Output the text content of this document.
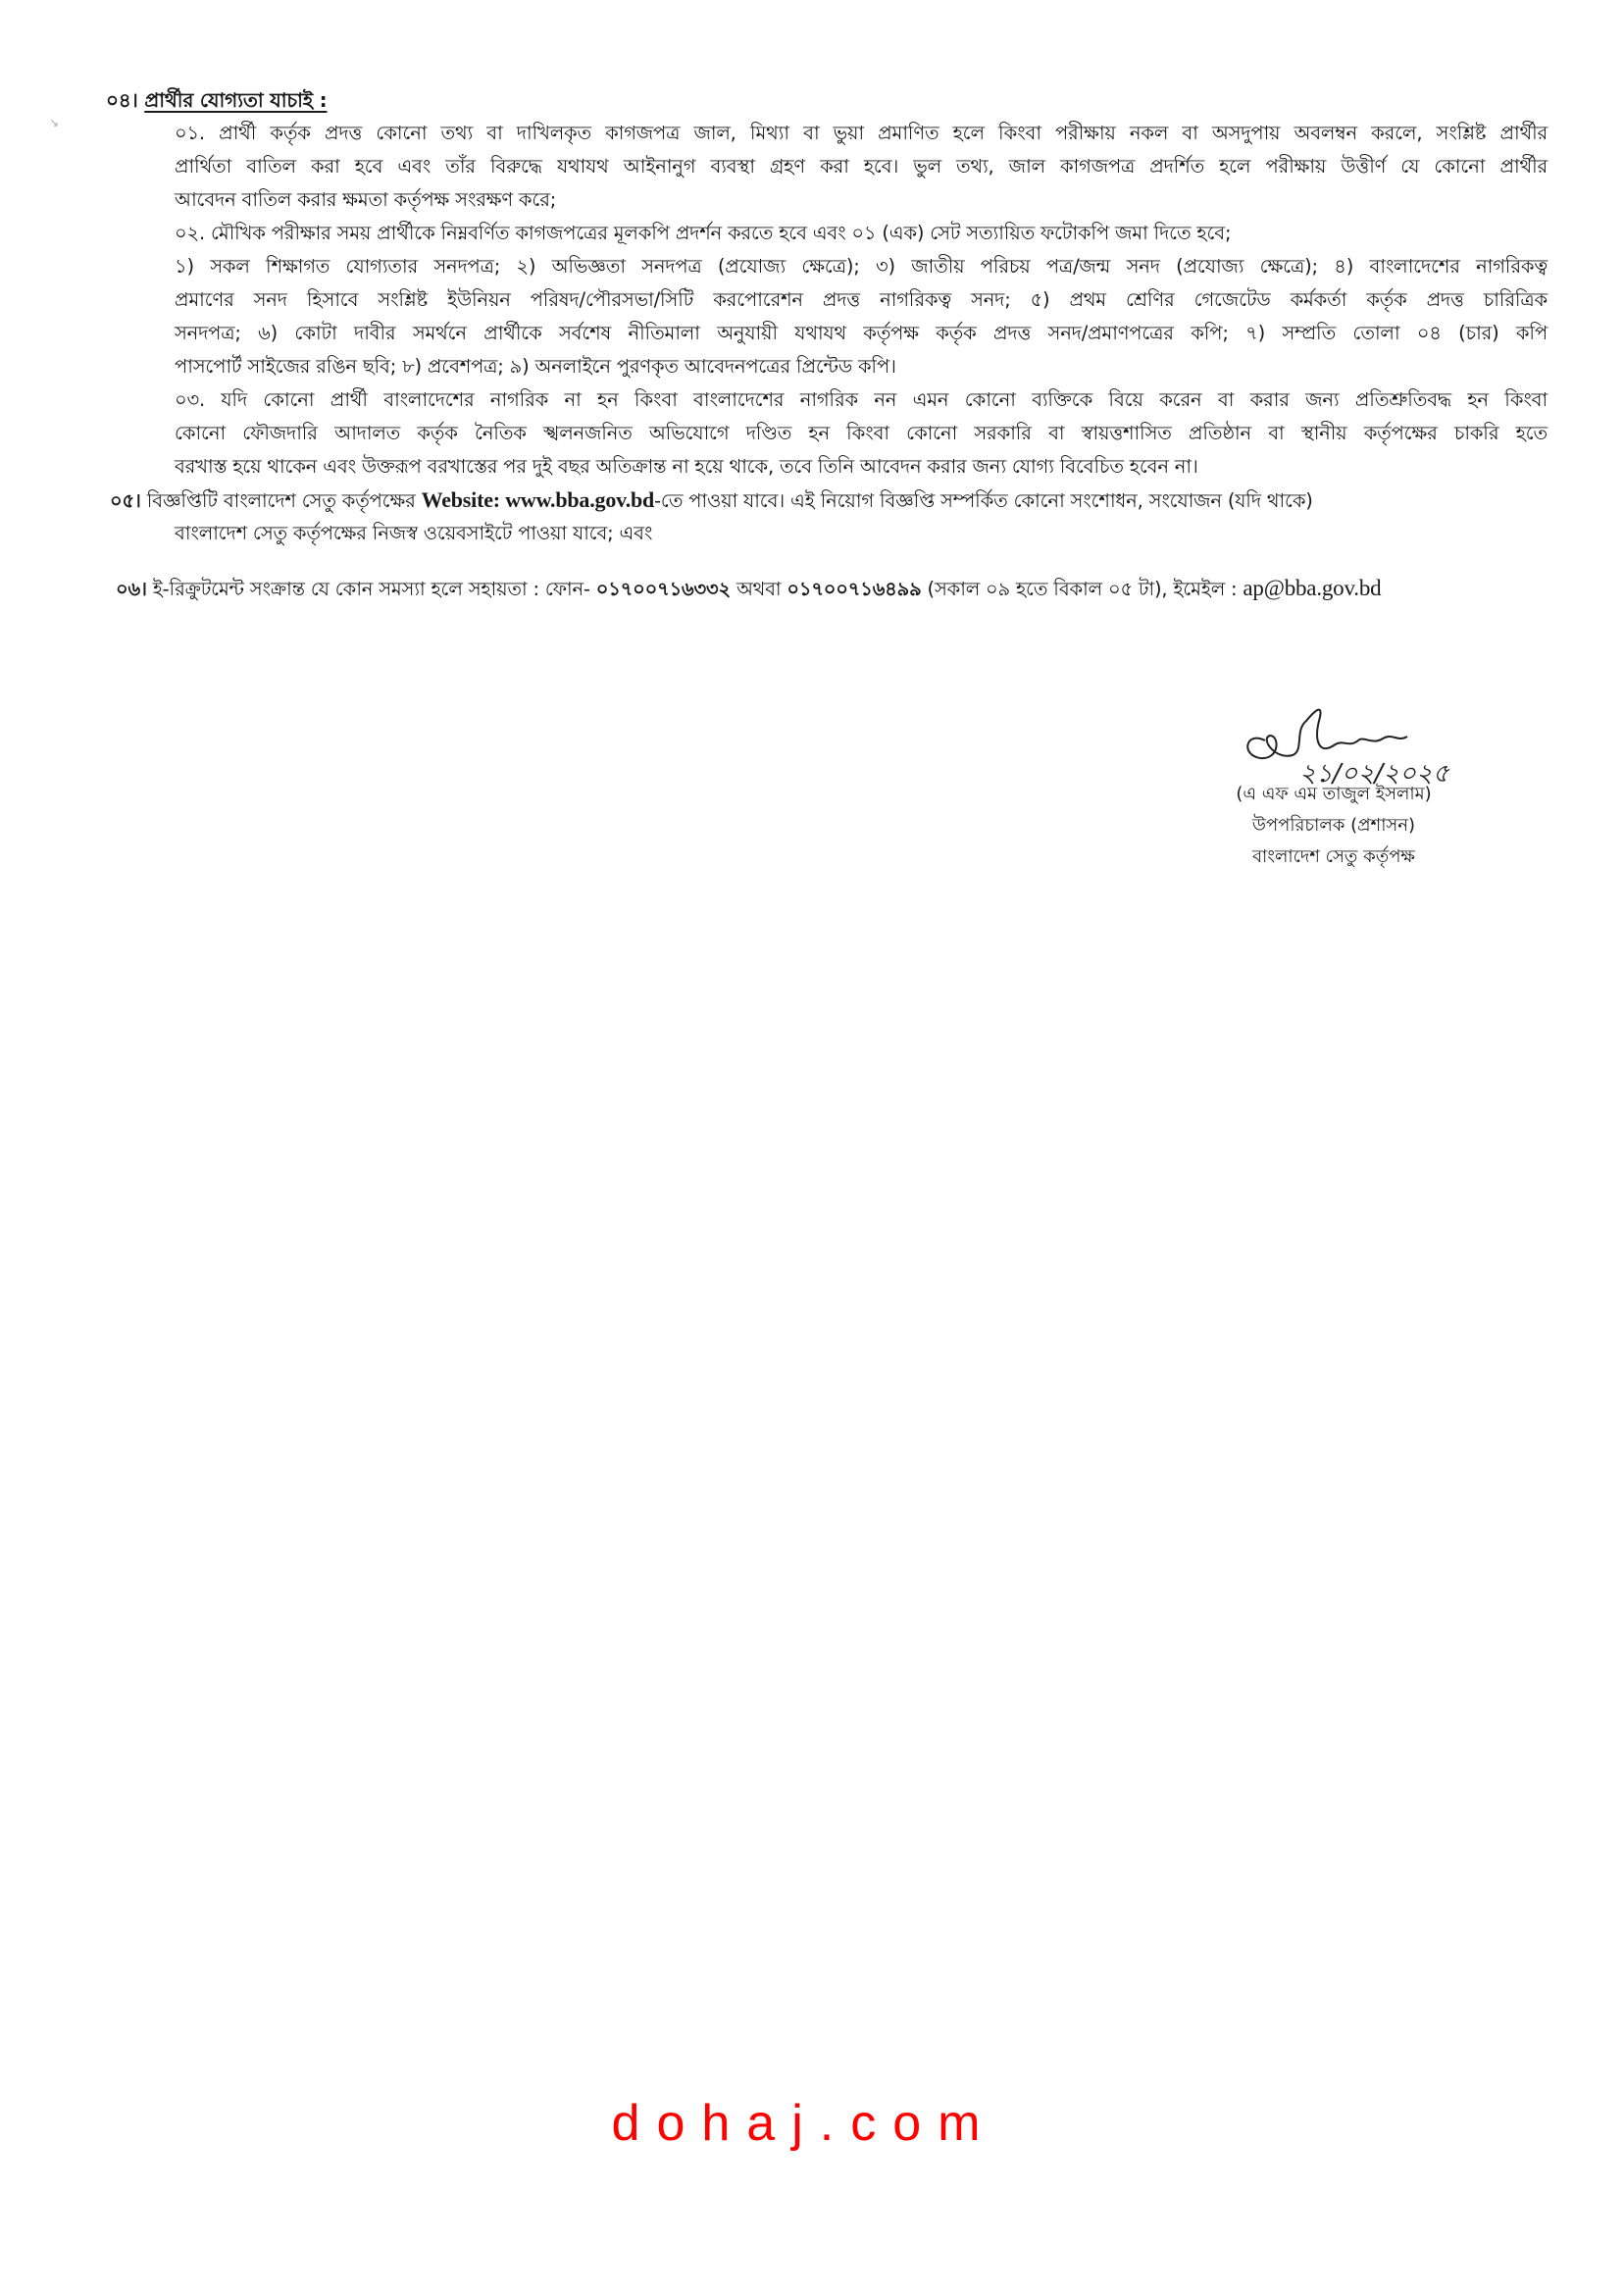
↘
০৪। প্রার্থীর যোগ্যতা যাচাই :
০১. প্রার্থী কর্তৃক প্রদত্ত কোনো তথ্য বা দাখিলকৃত কাগজপত্র জাল, মিথ্যা বা ভুয়া প্রমাণিত হলে কিংবা পরীক্ষায় নকল বা অসদুপায় অবলম্বন করলে, সংশ্লিষ্ট প্রার্থীর
প্রার্থিতা বাতিল করা হবে এবং তাঁর বিরুদ্ধে যথাযথ আইনানুগ ব্যবস্থা গ্রহণ করা হবে। ভুল তথ্য, জাল কাগজপত্র প্রদর্শিত হলে পরীক্ষায় উত্তীর্ণ যে কোনো প্রার্থীর
আবেদন বাতিল করার ক্ষমতা কর্তৃপক্ষ সংরক্ষণ করে;
০২. মৌখিক পরীক্ষার সময় প্রার্থীকে নিম্নবর্ণিত কাগজপত্রের মূলকপি প্রদর্শন করতে হবে এবং ০১ (এক) সেট সত্যায়িত ফটোকপি জমা দিতে হবে;
১) সকল শিক্ষাগত যোগ্যতার সনদপত্র; ২) অভিজ্ঞতা সনদপত্র (প্রযোজ্য ক্ষেত্রে); ৩) জাতীয় পরিচয় পত্র/জন্ম সনদ (প্রযোজ্য ক্ষেত্রে); ৪) বাংলাদেশের নাগরিকত্ব
প্রমাণের সনদ হিসাবে সংশ্লিষ্ট ইউনিয়ন পরিষদ/পৌরসভা/সিটি করপোরেশন প্রদত্ত নাগরিকত্ব সনদ; ৫) প্রথম শ্রেণির গেজেটেড কর্মকর্তা কর্তৃক প্রদত্ত চারিত্রিক
সনদপত্র; ৬) কোটা দাবীর সমর্থনে প্রার্থীকে সর্বশেষ নীতিমালা অনুযায়ী যথাযথ কর্তৃপক্ষ কর্তৃক প্রদত্ত সনদ/প্রমাণপত্রের কপি; ৭) সম্প্রতি তোলা ০৪ (চার) কপি
পাসপোর্ট সাইজের রঙিন ছবি; ৮) প্রবেশপত্র; ৯) অনলাইনে পুরণকৃত আবেদনপত্রের প্রিন্টেড কপি।
০৩. যদি কোনো প্রার্থী বাংলাদেশের নাগরিক না হন কিংবা বাংলাদেশের নাগরিক নন এমন কোনো ব্যক্তিকে বিয়ে করেন বা করার জন্য প্রতিশ্রুতিবদ্ধ হন কিংবা
কোনো ফৌজদারি আদালত কর্তৃক নৈতিক স্খলনজনিত অভিযোগে দণ্ডিত হন কিংবা কোনো সরকারি বা স্বায়ত্তশাসিত প্রতিষ্ঠান বা স্থানীয় কর্তৃপক্ষের চাকরি হতে
বরখাস্ত হয়ে থাকেন এবং উক্তরূপ বরখাস্তের পর দুই বছর অতিক্রান্ত না হয়ে থাকে, তবে তিনি আবেদন করার জন্য যোগ্য বিবেচিত হবেন না।
০৫। বিজ্ঞপ্তিটি বাংলাদেশ সেতু কর্তৃপক্ষের Website: www.bba.gov.bd-তে পাওয়া যাবে। এই নিয়োগ বিজ্ঞপ্তি সম্পর্কিত কোনো সংশোধন, সংযোজন (যদি থাকে)
বাংলাদেশ সেতু কর্তৃপক্ষের নিজস্ব ওয়েবসাইটে পাওয়া যাবে; এবং
০৬। ই-রিক্রুটমেন্ট সংক্রান্ত যে কোন সমস্যা হলে সহায়তা : ফোন- ০১৭০০৭১৬৩৩২ অথবা ০১৭০০৭১৬৪৯৯ (সকাল ০৯ হতে বিকাল ০৫ টা), ইমেইল : ap@bba.gov.bd
২১/০২/২০২৫
(এ এফ এম তাজুল ইসলাম)
উপপরিচালক (প্রশাসন)
বাংলাদেশ সেতু কর্তৃপক্ষ
dohaj.com
